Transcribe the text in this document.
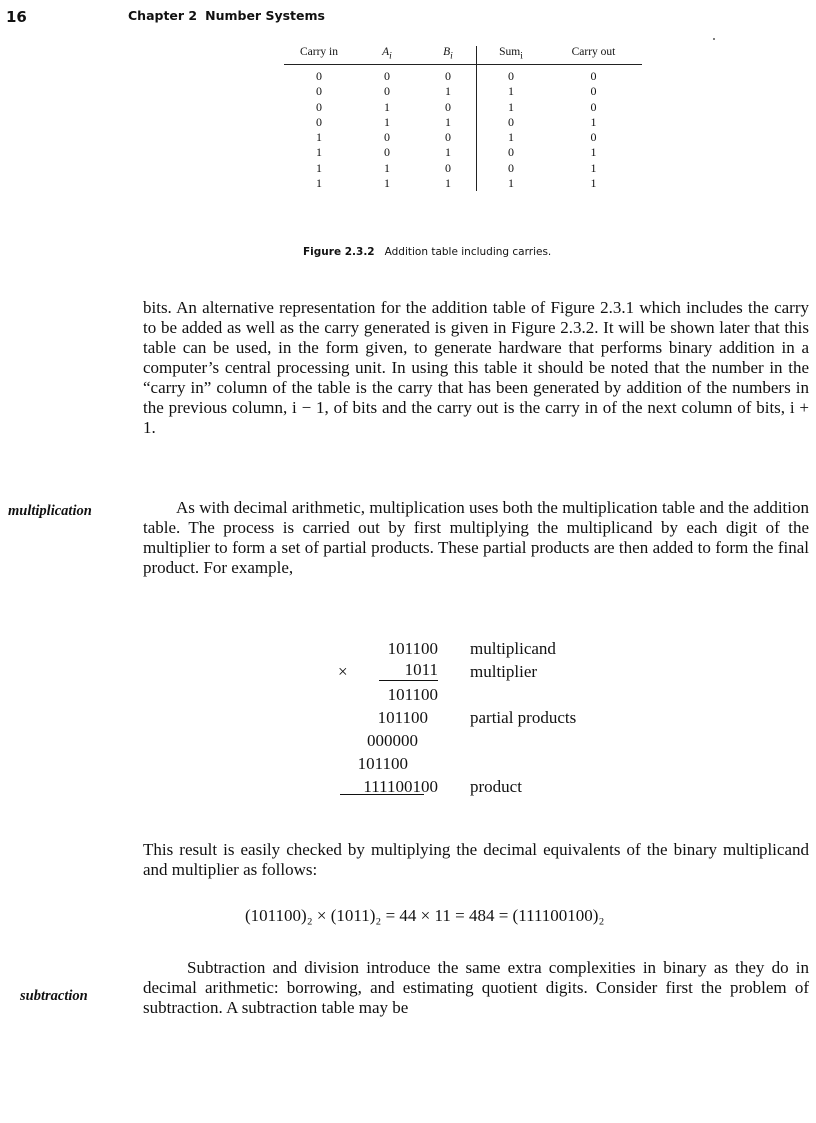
16	Chapter 2 Number Systems
Carry in	$A_i$	$B_i$	Sum$_i$	Carry out
0	0	0	0	0
0	0	1	1	0
0	1	0	1	0
0	1	1	0	1
1	0	0	1	0
1	0	1	0	1
1	1	0	0	1
1	1	1	1	1
Figure 2.3.2 Addition table including carries.
bits. An alternative representation for the addition table of Figure 2.3.1 which includes the carry to be added as well as the carry generated is given in Figure 2.3.2. It will be shown later that this table can be used, in the form given, to generate hardware that performs binary addition in a computer’s central processing unit. In using this table it should be noted that the number in the “carry in” column of the table is the carry that has been generated by addition of the numbers in the previous column, i − 1, of bits and the carry out is the carry in of the next column of bits, i + 1.
multiplication	As with decimal arithmetic, multiplication uses both the multiplication table and the addition table. The process is carried out by first multiplying the multiplicand by each digit of the multiplier to form a set of partial products. These partial products are then added to form the final product. For example,
101100 multiplicand
×	1011 multiplier
101100
101100 partial products
000000
101100
111100100 product
This result is easily checked by multiplying the decimal equivalents of the binary multiplicand and multiplier as follows:
(101100)₂ × (1011)₂ = 44 × 11 = 484 = (111100100)₂
subtraction
Subtraction and division introduce the same extra complexities in binary as they do in decimal arithmetic: borrowing, and estimating quotient digits. Consider first the problem of subtraction. A subtraction table may be
